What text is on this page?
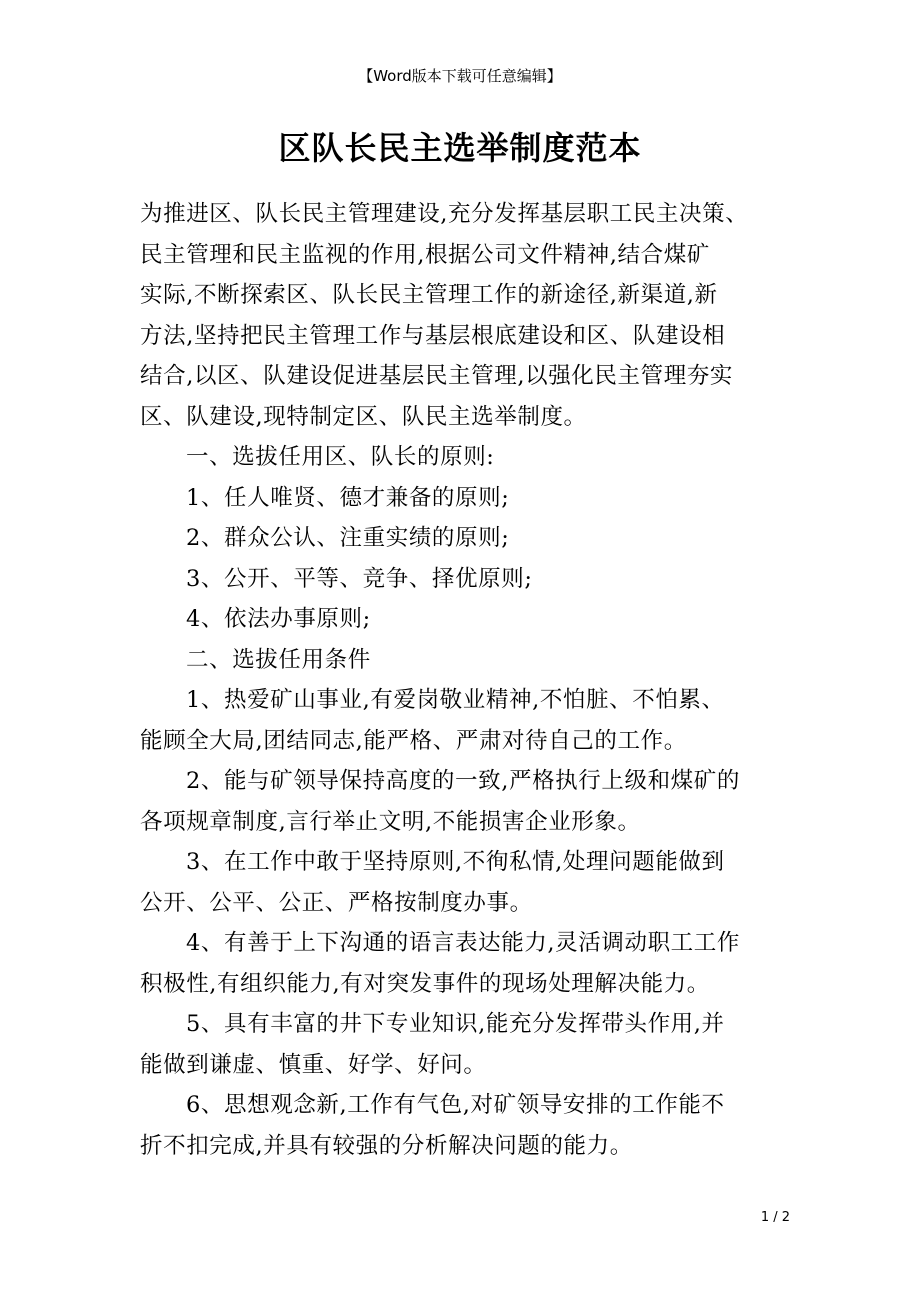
【Word版本下载可任意编辑】
区队长民主选举制度范本
为推进区、队长民主管理建设,充分发挥基层职工民主决策、
民主管理和民主监视的作用,根据公司文件精神,结合煤矿
实际,不断探索区、队长民主管理工作的新途径,新渠道,新
方法,坚持把民主管理工作与基层根底建设和区、队建设相
结合,以区、队建设促进基层民主管理,以强化民主管理夯实
区、队建设,现特制定区、队民主选举制度。
一、选拔任用区、队长的原则:
1、任人唯贤、德才兼备的原则;
2、群众公认、注重实绩的原则;
3、公开、平等、竞争、择优原则;
4、依法办事原则;
二、选拔任用条件
1、热爱矿山事业,有爱岗敬业精神,不怕脏、不怕累、
能顾全大局,团结同志,能严格、严肃对待自己的工作。
2、能与矿领导保持高度的一致,严格执行上级和煤矿的
各项规章制度,言行举止文明,不能损害企业形象。
3、在工作中敢于坚持原则,不徇私情,处理问题能做到
公开、公平、公正、严格按制度办事。
4、有善于上下沟通的语言表达能力,灵活调动职工工作
积极性,有组织能力,有对突发事件的现场处理解决能力。
5、具有丰富的井下专业知识,能充分发挥带头作用,并
能做到谦虚、慎重、好学、好问。
6、思想观念新,工作有气色,对矿领导安排的工作能不
折不扣完成,并具有较强的分析解决问题的能力。
1 / 2
